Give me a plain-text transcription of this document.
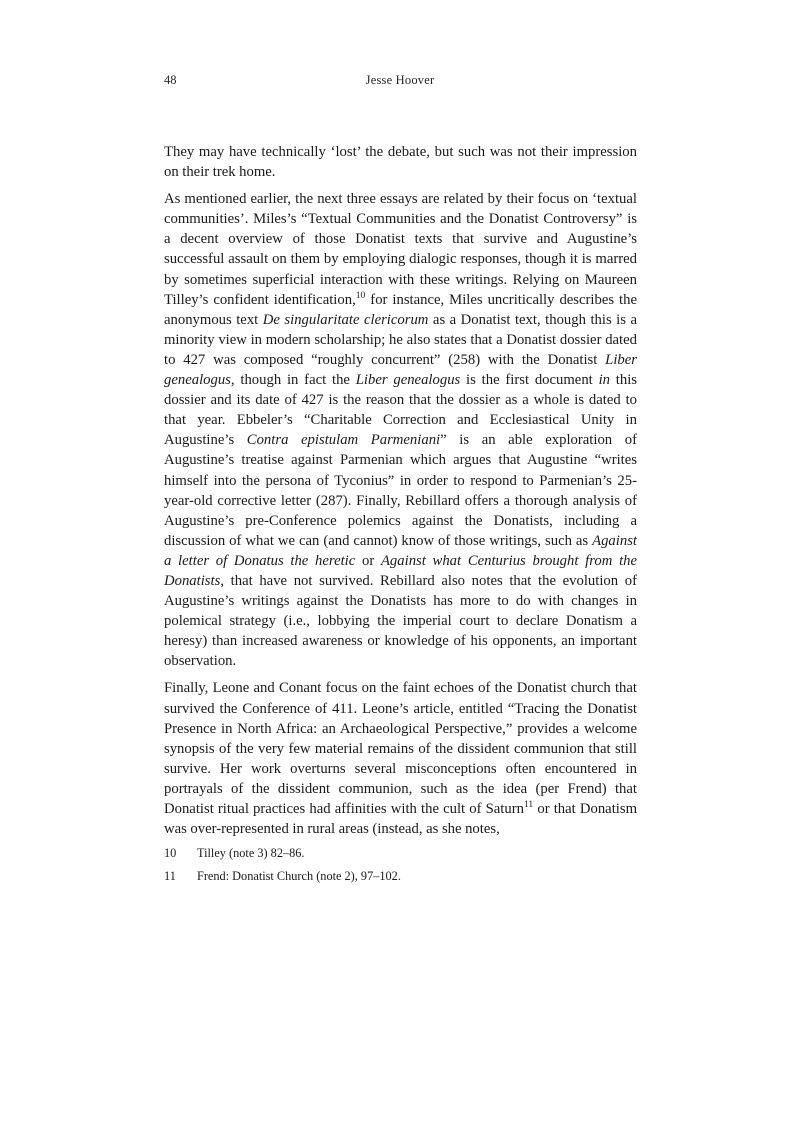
48	Jesse Hoover

They may have technically ‘lost’ the debate, but such was not their impression on their trek home.

As mentioned earlier, the next three essays are related by their focus on ‘textual communities’. Miles’s “Textual Communities and the Donatist Controversy” is a decent overview of those Donatist texts that survive and Augustine’s successful assault on them by employing dialogic responses, though it is marred by sometimes superficial interaction with these writings. Relying on Maureen Tilley’s confident identification,$^{10}$ for instance, Miles uncritically describes the anonymous text De singularitate clericorum as a Donatist text, though this is a minority view in modern scholarship; he also states that a Donatist dossier dated to 427 was composed “roughly concurrent” (258) with the Donatist Liber genealogus, though in fact the Liber genealogus is the first document in this dossier and its date of 427 is the reason that the dossier as a whole is dated to that year. Ebbeler’s “Charitable Correction and Ecclesiastical Unity in Augustine’s Contra epistulam Parmeniani” is an able exploration of Augustine’s treatise against Parmenian which argues that Augustine “writes himself into the persona of Tyconius” in order to respond to Parmenian’s 25-year-old corrective letter (287). Finally, Rebillard offers a thorough analysis of Augustine’s pre-Conference polemics against the Donatists, including a discussion of what we can (and cannot) know of those writings, such as Against a letter of Donatus the heretic or Against what Centurius brought from the Donatists, that have not survived. Rebillard also notes that the evolution of Augustine’s writings against the Donatists has more to do with changes in polemical strategy (i.e., lobbying the imperial court to declare Donatism a heresy) than increased awareness or knowledge of his opponents, an important observation.

Finally, Leone and Conant focus on the faint echoes of the Donatist church that survived the Conference of 411. Leone’s article, entitled “Tracing the Donatist Presence in North Africa: an Archaeological Perspective,” provides a welcome synopsis of the very few material remains of the dissident communion that still survive. Her work overturns several misconceptions often encountered in portrayals of the dissident communion, such as the idea (per Frend) that Donatist ritual practices had affinities with the cult of Saturn$^{11}$ or that Donatism was over-represented in rural areas (instead, as she notes,

10 Tilley (note 3) 82–86.
11 Frend: Donatist Church (note 2), 97–102.
